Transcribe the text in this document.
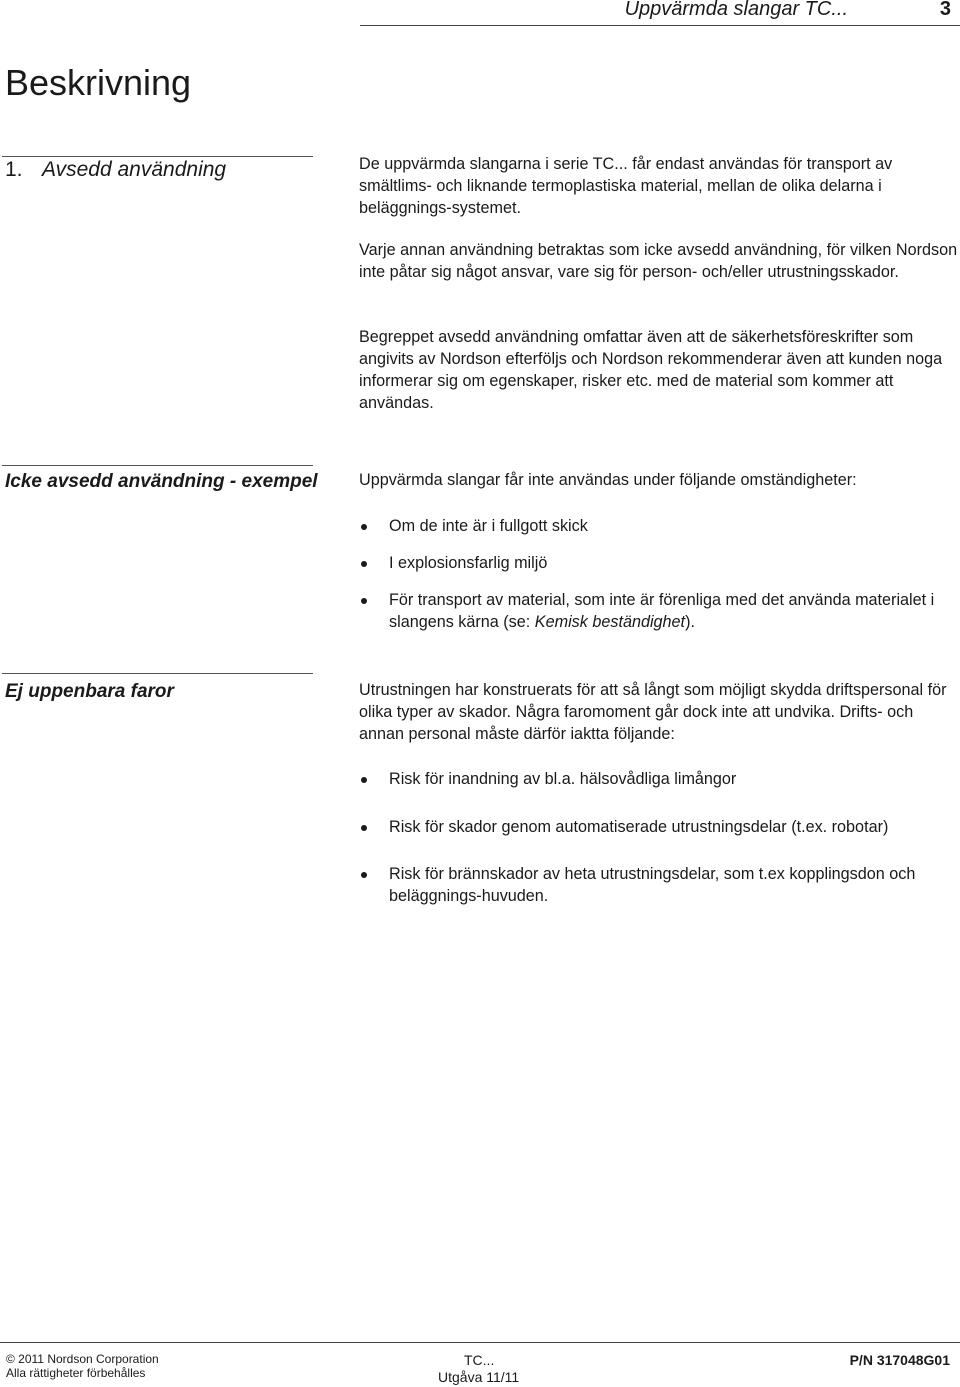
Uppvärmda slangar TC...	3
Beskrivning
1. Avsedd användning	De uppvärmda slangarna i serie TC... får endast användas för transport av smältlims- och liknande termoplastiska material, mellan de olika delarna i beläggnings-systemet.

Varje annan användning betraktas som icke avsedd användning, för vilken Nordson inte påtar sig något ansvar, vare sig för person- och/eller utrustningsskador.

Begreppet avsedd användning omfattar även att de säkerhetsföreskrifter som angivits av Nordson efterföljs och Nordson rekommenderar även att kunden noga informerar sig om egenskaper, risker etc. med de material som kommer att användas.

Icke avsedd användning - exempel	Uppvärmda slangar får inte användas under följande omständigheter:

Om de inte är i fullgott skick
I explosionsfarlig miljö
För transport av material, som inte är förenliga med det använda materialet i slangens kärna (se: Kemisk beständighet).
Ej uppenbara faror	Utrustningen har konstruerats för att så långt som möjligt skydda driftspersonal för olika typer av skador. Några faromoment går dock inte att undvika. Drifts- och annan personal måste därför iaktta följande:

Risk för inandning av bl.a. hälsovådliga limångor
Risk för skador genom automatiserade utrustningsdelar (t.ex. robotar)
Risk för brännskador av heta utrustningsdelar, som t.ex kopplingsdon och beläggnings-huvuden.
© 2011 Nordson Corporation
Alla rättigheter förbehålles
TC...
Utgåva 11/11
P/N 317048G01
